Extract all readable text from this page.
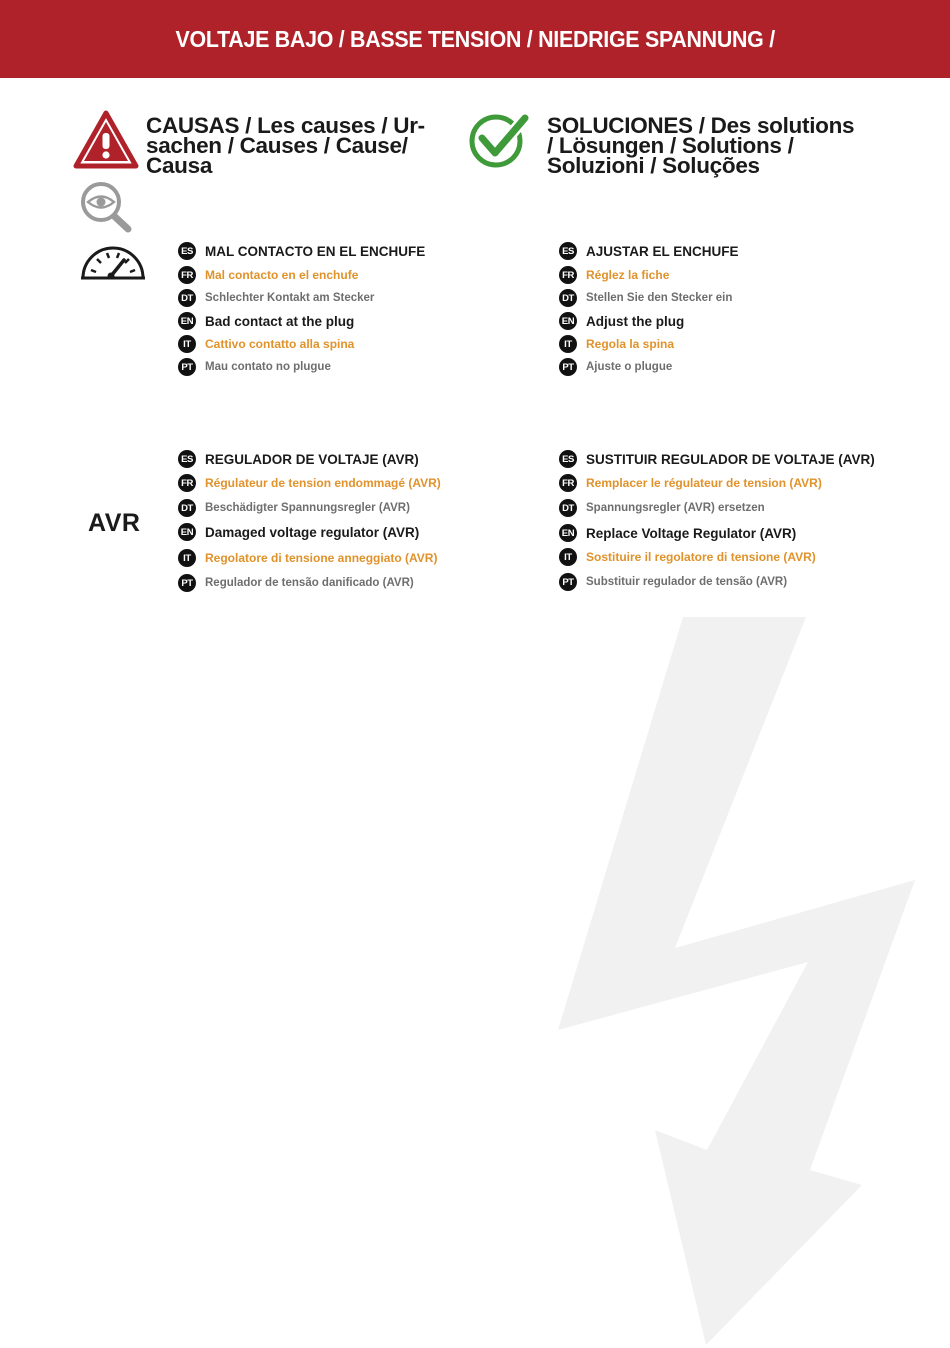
VOLTAJE BAJO / BASSE TENSION / NIEDRIGE SPANNUNG /
CAUSAS / Les causes / Ur-
sachen / Causes / Cause/
Causa
SOLUCIONES / Des solutions
/ Lösungen / Solutions /
Soluzioni / Soluções
AVR
ES MAL CONTACTO EN EL ENCHUFE
FR Mal contacto en el enchufe
DT Schlechter Kontakt am Stecker
EN Bad contact at the plug
IT	Cattivo contatto alla spina
PT Mau contato no plugue
ES AJUSTAR EL ENCHUFE
FR Réglez la fiche
DT Stellen Sie den Stecker ein
EN Adjust the plug
IT	Regola la spina
PT Ajuste o plugue
ES REGULADOR DE VOLTAJE (AVR)
FR Régulateur de tension endommagé (AVR)
DT Beschädigter Spannungsregler (AVR)
EN Damaged voltage regulator (AVR)
IT	Regolatore di tensione anneggiato (AVR)
PT Regulador de tensão danificado (AVR)
ES SUSTITUIR REGULADOR DE VOLTAJE (AVR)
FR Remplacer le régulateur de tension (AVR)
DT Spannungsregler (AVR) ersetzen
EN Replace Voltage Regulator (AVR)
IT	Sostituire il regolatore di tensione (AVR)
PT Substituir regulador de tensão (AVR)
